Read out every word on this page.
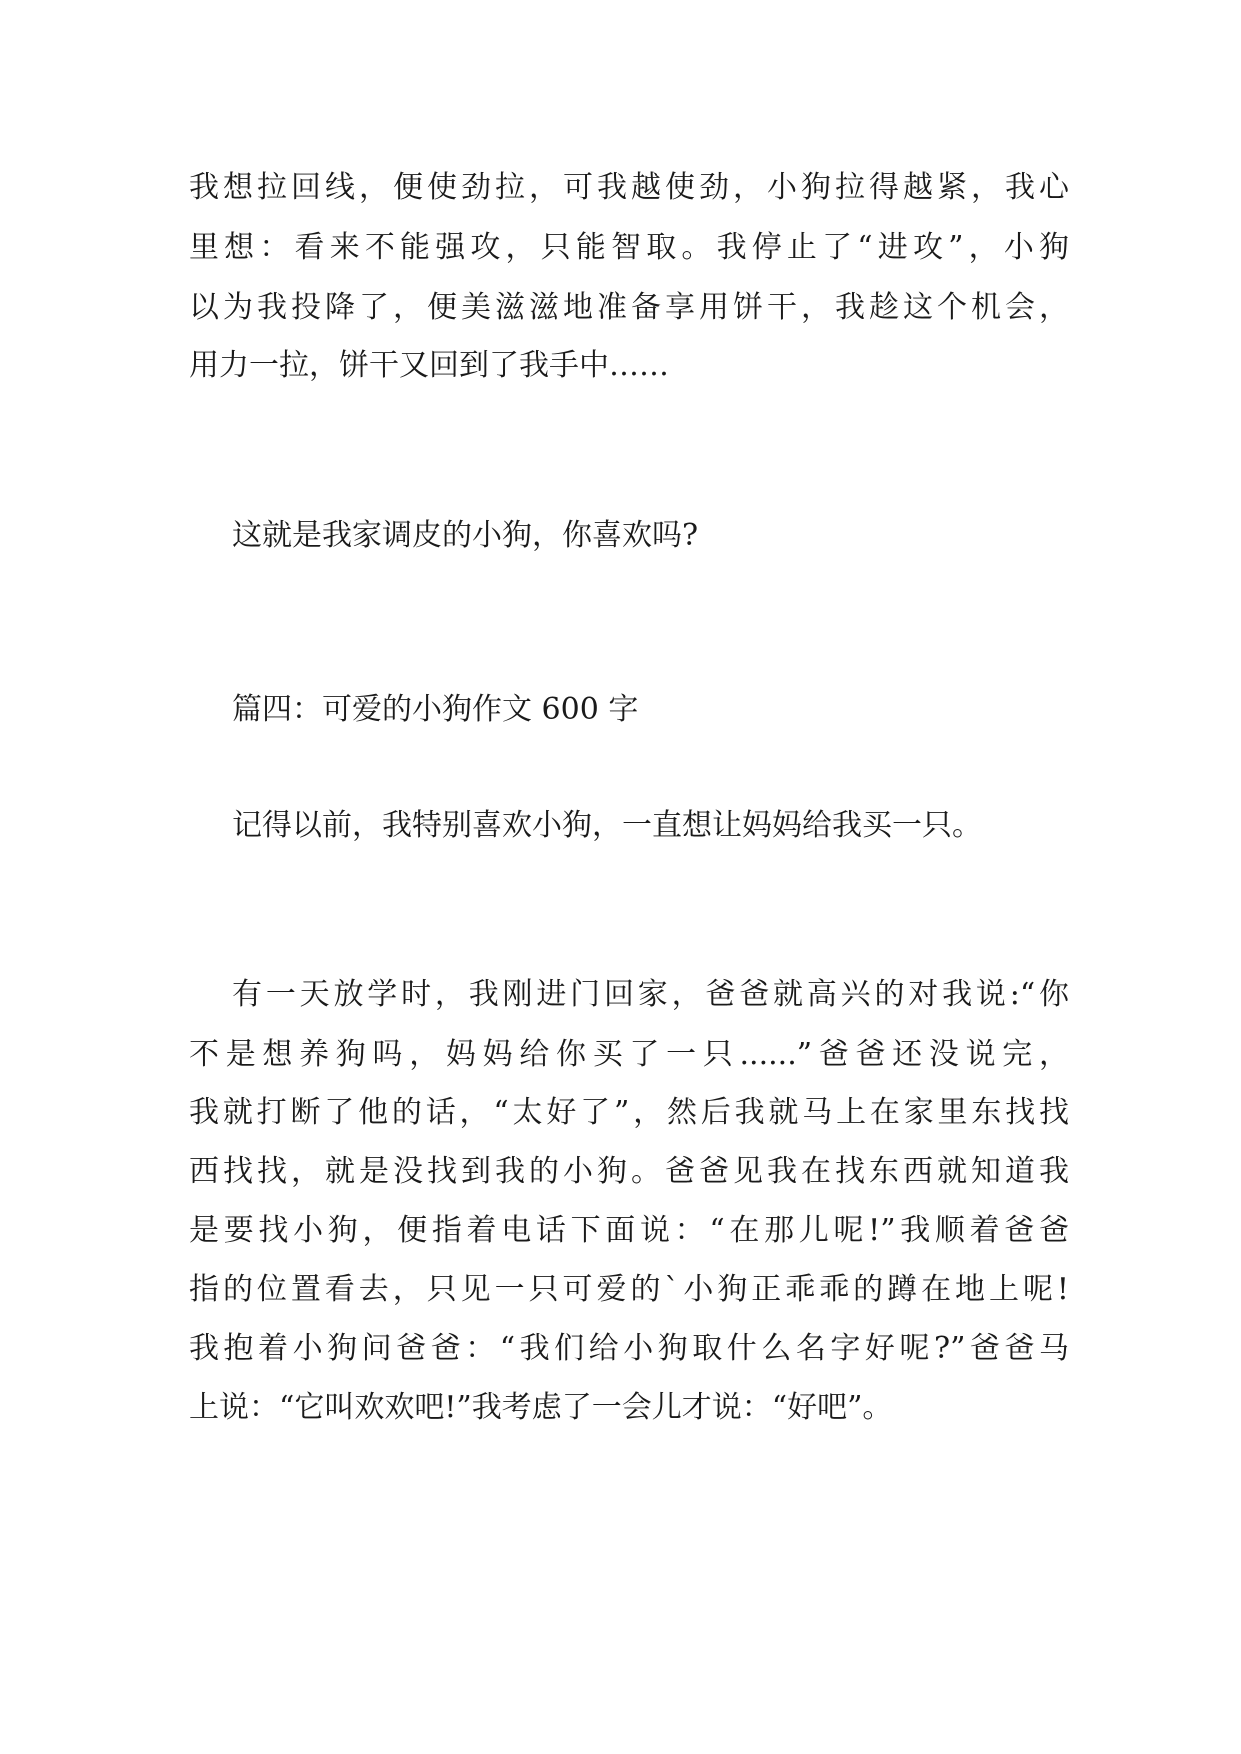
我想拉回线，便使劲拉，可我越使劲，小狗拉得越紧，我心
里想：看来不能强攻，只能智取。我停止了“进攻”，小狗
以为我投降了，便美滋滋地准备享用饼干，我趁这个机会，
用力一拉，饼干又回到了我手中……
这就是我家调皮的小狗，你喜欢吗?
篇四：可爱的小狗作文 600 字
记得以前，我特别喜欢小狗，一直想让妈妈给我买一只。
有一天放学时，我刚进门回家，爸爸就高兴的对我说:“你
不是想养狗吗，妈妈给你买了一只......”爸爸还没说完，
我就打断了他的话，“太好了”，然后我就马上在家里东找找
西找找，就是没找到我的小狗。爸爸见我在找东西就知道我
是要找小狗，便指着电话下面说：“在那儿呢!”我顺着爸爸
指的位置看去，只见一只可爱的`小狗正乖乖的蹲在地上呢!
我抱着小狗问爸爸：“我们给小狗取什么名字好呢?”爸爸马
上说：“它叫欢欢吧!”我考虑了一会儿才说：“好吧”。
